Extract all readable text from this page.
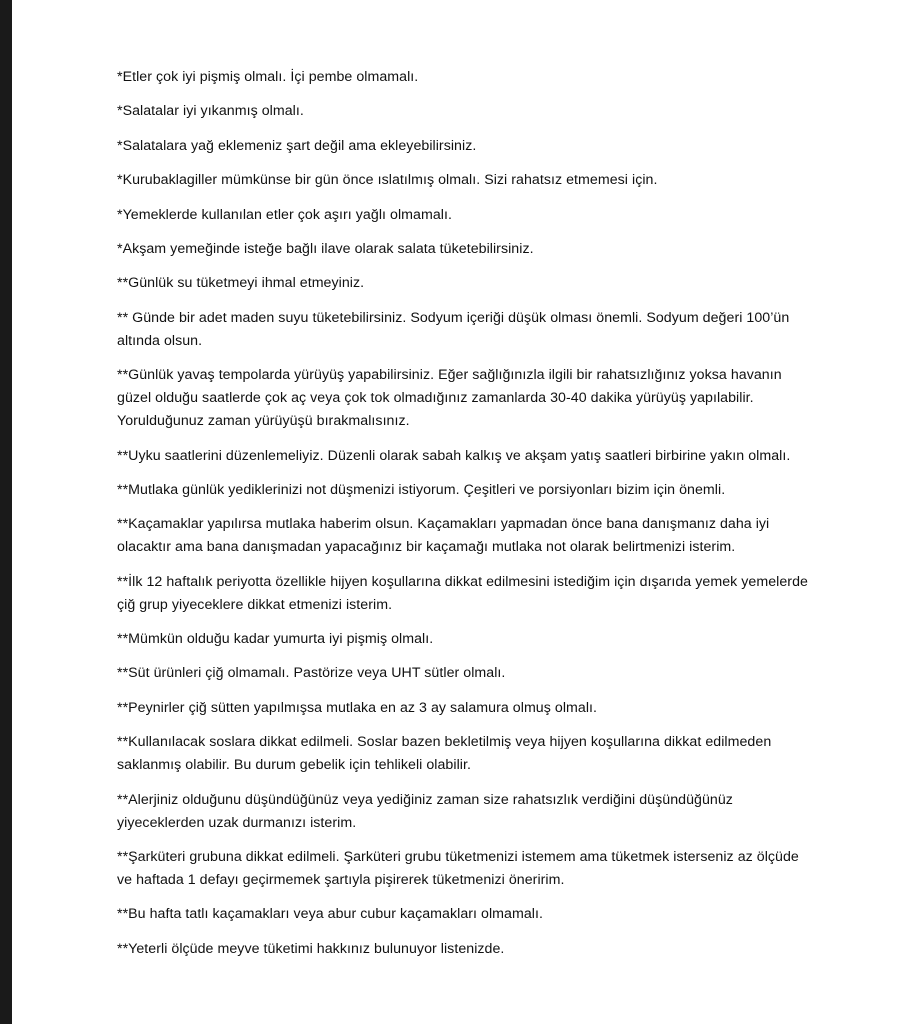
*Etler çok iyi pişmiş olmalı. İçi pembe olmamalı.
*Salatalar iyi yıkanmış olmalı.
*Salatalara yağ eklemeniz şart değil ama ekleyebilirsiniz.
*Kurubaklagiller mümkünse bir gün önce ıslatılmış olmalı. Sizi rahatsız etmemesi için.
*Yemeklerde kullanılan etler çok aşırı yağlı olmamalı.
*Akşam yemeğinde isteğe bağlı ilave olarak salata tüketebilirsiniz.
**Günlük su tüketmeyi ihmal etmeyiniz.
** Günde bir adet maden suyu tüketebilirsiniz. Sodyum içeriği düşük olması önemli. Sodyum değeri 100’ün altında olsun.
**Günlük yavaş tempolarda yürüyüş yapabilirsiniz. Eğer sağlığınızla ilgili bir rahatsızlığınız yoksa havanın güzel olduğu saatlerde çok aç veya çok tok olmadığınız zamanlarda 30-40 dakika yürüyüş yapılabilir. Yorulduğunuz zaman yürüyüşü bırakmalısınız.
**Uyku saatlerini düzenlemeliyiz. Düzenli olarak sabah kalkış ve akşam yatış saatleri birbirine yakın olmalı.
**Mutlaka günlük yediklerinizi not düşmenizi istiyorum. Çeşitleri ve porsiyonları bizim için önemli.
**Kaçamaklar yapılırsa mutlaka haberim olsun. Kaçamakları yapmadan önce bana danışmanız daha iyi olacaktır ama bana danışmadan yapacağınız bir kaçamağı mutlaka not olarak belirtmenizi isterim.
**İlk 12 haftalık periyotta özellikle hijyen koşullarına dikkat edilmesini istediğim için dışarıda yemek yemelerde çiğ grup yiyeceklere dikkat etmenizi isterim.
**Mümkün olduğu kadar yumurta iyi pişmiş olmalı.
**Süt ürünleri çiğ olmamalı. Pastörize veya UHT sütler olmalı.
**Peynirler çiğ sütten yapılmışsa mutlaka en az 3 ay salamura olmuş olmalı.
**Kullanılacak soslara dikkat edilmeli. Soslar bazen bekletilmiş veya hijyen koşullarına dikkat edilmeden saklanmış olabilir. Bu durum gebelik için tehlikeli olabilir.
**Alerjiniz olduğunu düşündüğünüz veya yediğiniz zaman size rahatsızlık verdiğini düşündüğünüz yiyeceklerden uzak durmanızı isterim.
**Şarküteri grubuna dikkat edilmeli. Şarküteri grubu tüketmenizi istemem ama tüketmek isterseniz az ölçüde ve haftada 1 defayı geçirmemek şartıyla pişirerek tüketmenizi öneririm.
**Bu hafta tatlı kaçamakları veya abur cubur kaçamakları olmamalı.
**Yeterli ölçüde meyve tüketimi hakkınız bulunuyor listenizde.
